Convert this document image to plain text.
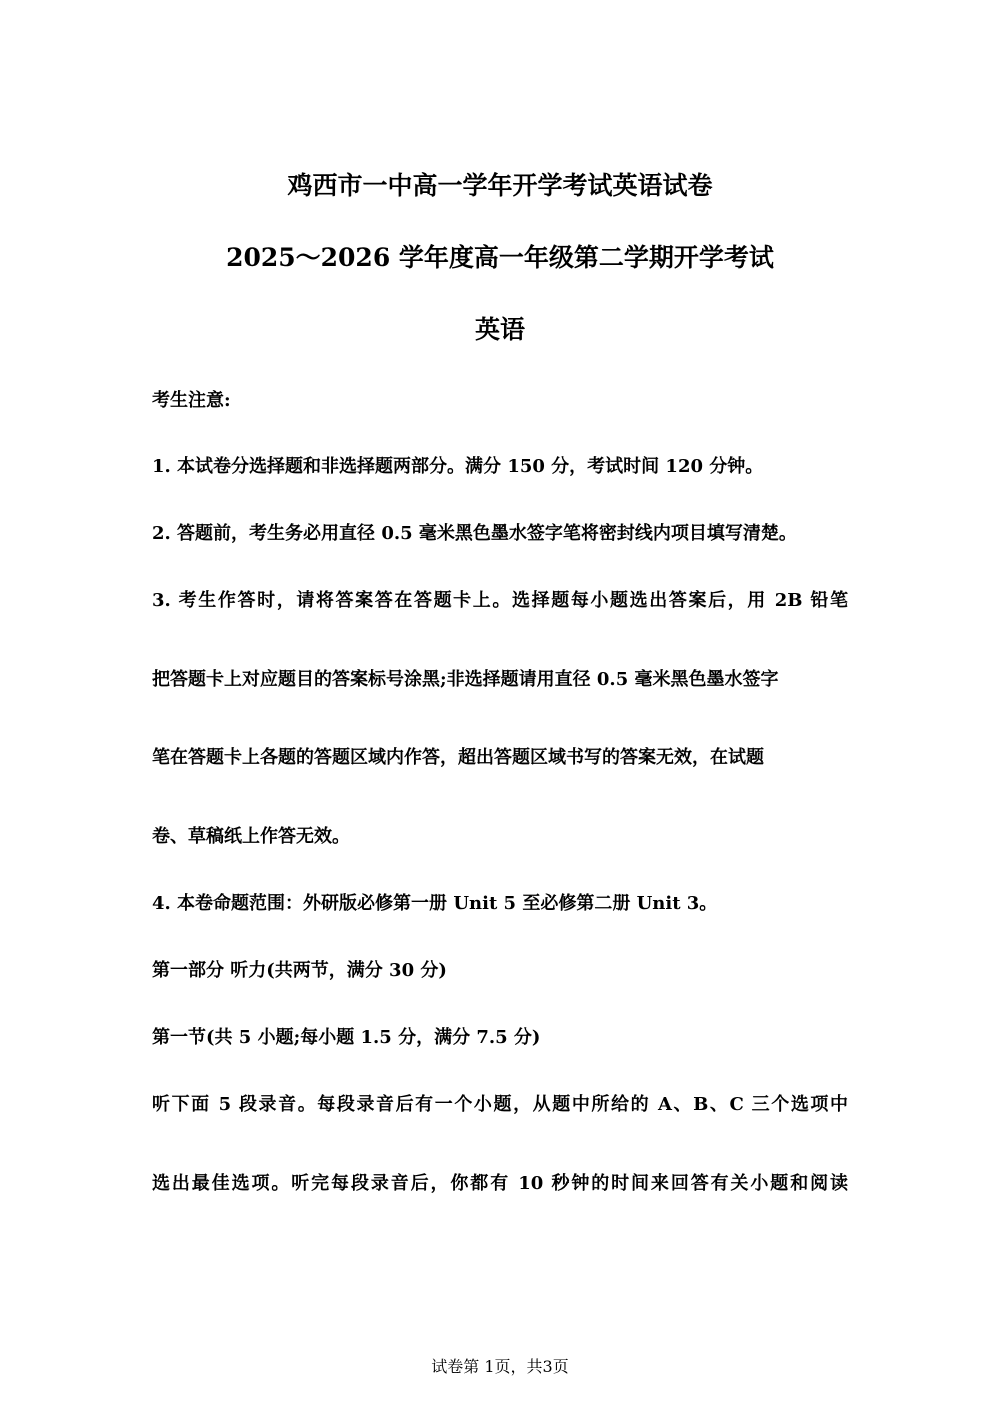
鸡西市一中高一学年开学考试英语试卷
2025～2026 学年度高一年级第二学期开学考试
英语
考生注意:
1. 本试卷分选择题和非选择题两部分。满分 150 分，考试时间 120 分钟。
2. 答题前，考生务必用直径 0.5 毫米黑色墨水签字笔将密封线内项目填写清楚。
3. 考生作答时，请将答案答在答题卡上。选择题每小题选出答案后，用 2B 铅笔
把答题卡上对应题目的答案标号涂黑;非选择题请用直径 0.5 毫米黑色墨水签字
笔在答题卡上各题的答题区域内作答，超出答题区域书写的答案无效，在试题
卷、草稿纸上作答无效。
4. 本卷命题范围：外研版必修第一册 Unit 5 至必修第二册 Unit 3。
第一部分 听力(共两节，满分 30 分)
第一节(共 5 小题;每小题 1.5 分，满分 7.5 分)
听下面 5 段录音。每段录音后有一个小题，从题中所给的 A、B、C 三个选项中
选出最佳选项。听完每段录音后，你都有 10 秒钟的时间来回答有关小题和阅读
试卷第 1页，共3页
